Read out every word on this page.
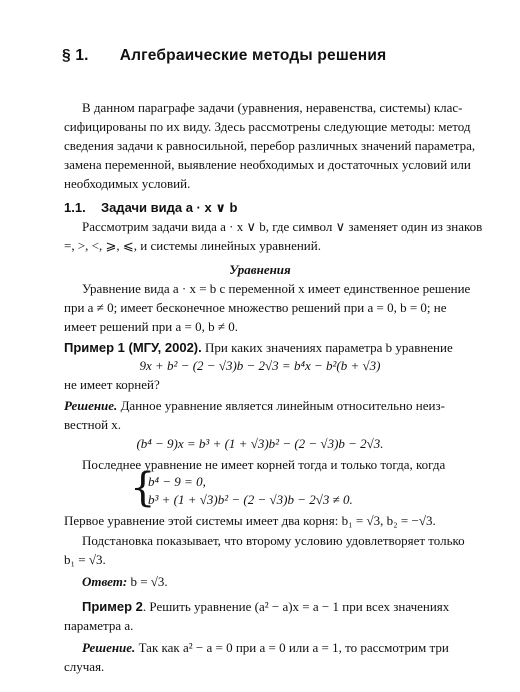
§ 1. Алгебраические методы решения
В данном параграфе задачи (уравнения, неравенства, системы) клас-
сифицированы по их виду. Здесь рассмотрены следующие методы: метод
сведения задачи к равносильной, перебор различных значений параметра,
замена переменной, выявление необходимых и достаточных условий или
необходимых условий.
1.1. Задачи вида a · x ∨ b
Рассмотрим задачи вида a · x ∨ b, где символ ∨ заменяет один из знаков
=, >, <, ⩾, ⩽, и системы линейных уравнений.
Уравнения
Уравнение вида a · x = b с переменной x имеет единственное решение
при a ≠ 0; имеет бесконечное множество решений при a = 0, b = 0; не
имеет решений при a = 0, b ≠ 0.
Пример 1 (МГУ, 2002). При каких значениях параметра b уравнение
9x + b² − (2 − √3)b − 2√3 = b⁴x − b²(b + √3)
не имеет корней?
Решение. Данное уравнение является линейным относительно неиз-
вестной x.
(b⁴ − 9)x = b³ + (1 + √3)b² − (2 − √3)b − 2√3.
Последнее уравнение не имеет корней тогда и только тогда, когда
{
b⁴ − 9 = 0,
b³ + (1 + √3)b² − (2 − √3)b − 2√3 ≠ 0.
Первое уравнение этой системы имеет два корня: b₁ = √3, b₂ = −√3.
Подстановка показывает, что второму условию удовлетворяет только
b₁ = √3.
Ответ: b = √3.
Пример 2. Решить уравнение (a² − a)x = a − 1 при всех значениях
параметра a.
Решение. Так как a² − a = 0 при a = 0 или a = 1, то рассмотрим три
случая.
